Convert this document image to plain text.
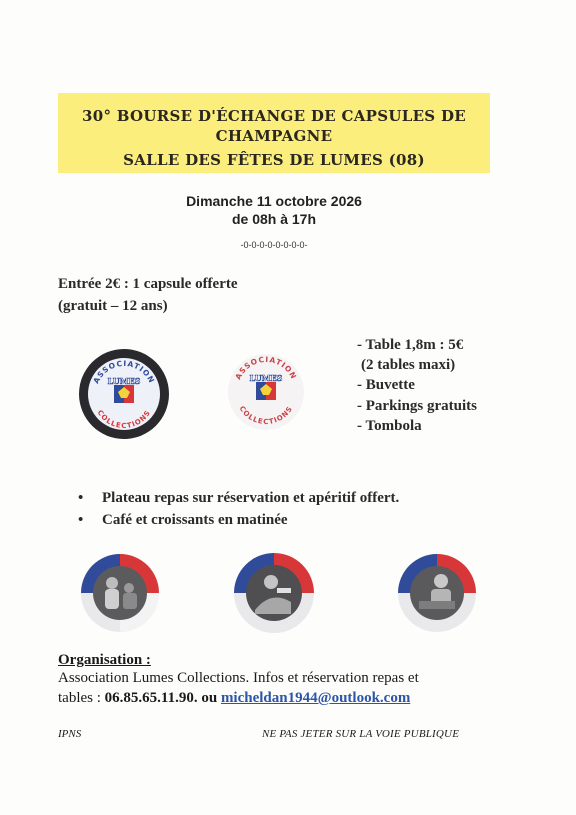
30° BOURSE D'ÉCHANGE DE CAPSULES DE
CHAMPAGNE
SALLE DES FÊTES DE LUMES (08)
Dimanche 11 octobre 2026
de 08h à 17h
-0-0-0-0-0-0-0-0-
Entrée 2€ : 1 capsule offerte
(gratuit – 12 ans)
ASSOCIATION
LUMES
COLLECTIONS
ASSOCIATION
LUMES
COLLECTIONS
- Table 1,8m : 5€
(2 tables maxi)
- Buvette
- Parkings gratuits
- Tombola
• Plateau repas sur réservation et apéritif offert.
• Café et croissants en matinée
Organisation :
Association Lumes Collections. Infos et réservation repas et
tables : 06.85.65.11.90. ou micheldan1944@outlook.com
IPNS	NE PAS JETER SUR LA VOIE PUBLIQUE
